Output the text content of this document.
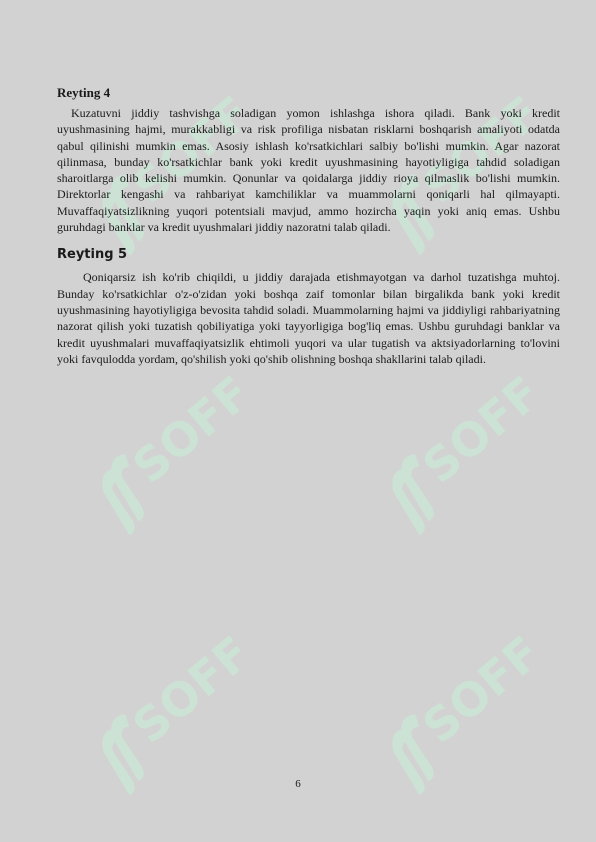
SOFF	SOFF
SOFF	SOFF
SOFF	SOFF
Reyting 4

Kuzatuvni jiddiy tashvishga soladigan yomon ishlashga ishora qiladi. Bank yoki kredit uyushmasining hajmi, murakkabligi va risk profiliga nisbatan risklarni boshqarish amaliyoti odatda qabul qilinishi mumkin emas. Asosiy ishlash ko'rsatkichlari salbiy bo'lishi mumkin. Agar nazorat qilinmasa, bunday ko'rsatkichlar bank yoki kredit uyushmasining hayotiyligiga tahdid soladigan sharoitlarga olib kelishi mumkin. Qonunlar va qoidalarga jiddiy rioya qilmaslik bo'lishi mumkin. Direktorlar kengashi va rahbariyat kamchiliklar va muammolarni qoniqarli hal qilmayapti. Muvaffaqiyatsizlikning yuqori potentsiali mavjud, ammo hozircha yaqin yoki aniq emas. Ushbu guruhdagi banklar va kredit uyushmalari jiddiy nazoratni talab qiladi.

Reyting 5

Qoniqarsiz ish ko'rib chiqildi, u jiddiy darajada etishmayotgan va darhol tuzatishga muhtoj. Bunday ko'rsatkichlar o'z-o'zidan yoki boshqa zaif tomonlar bilan birgalikda bank yoki kredit uyushmasining hayotiyligiga bevosita tahdid soladi. Muammolarning hajmi va jiddiyligi rahbariyatning nazorat qilish yoki tuzatish qobiliyatiga yoki tayyorligiga bog'liq emas. Ushbu guruhdagi banklar va kredit uyushmalari muvaffaqiyatsizlik ehtimoli yuqori va ular tugatish va aktsiyadorlarning to'lovini yoki favqulodda yordam, qo'shilish yoki qo'shib olishning boshqa shakllarini talab qiladi.

6
